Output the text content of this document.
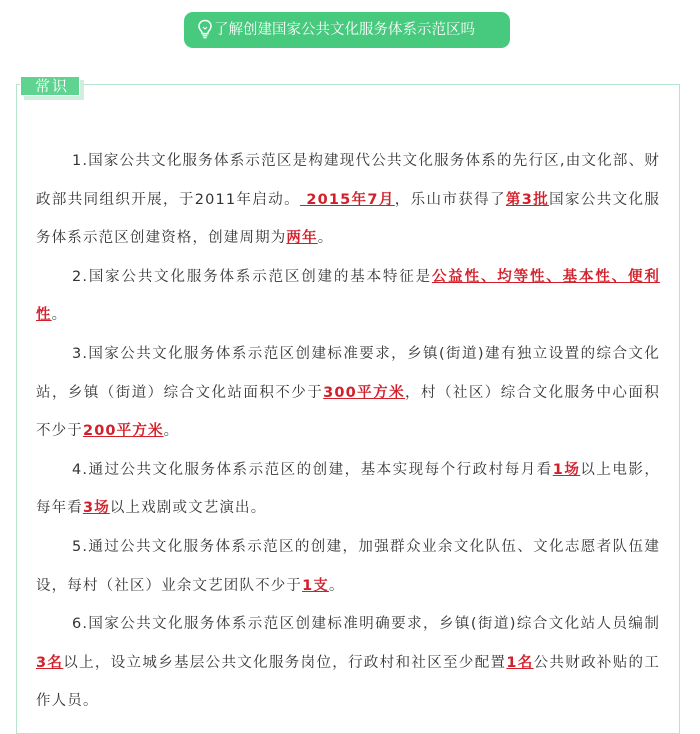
了解创建国家公共文化服务体系示范区吗
常识

1.国家公共文化服务体系示范区是构建现代公共文化服务体系的先行区,由文化部、财政部共同组织开展，于2011年启动。 2015年7月，乐山市获得了第3批国家公共文化服务体系示范区创建资格，创建周期为两年。

2.国家公共文化服务体系示范区创建的基本特征是公益性、均等性、基本性、便利性。

3.国家公共文化服务体系示范区创建标准要求，乡镇(街道)建有独立设置的综合文化站，乡镇（街道）综合文化站面积不少于300平方米，村（社区）综合文化服务中心面积不少于200平方米。

4.通过公共文化服务体系示范区的创建，基本实现每个行政村每月看1场以上电影，每年看3场以上戏剧或文艺演出。

5.通过公共文化服务体系示范区的创建，加强群众业余文化队伍、文化志愿者队伍建设，每村（社区）业余文艺团队不少于1支。

6.国家公共文化服务体系示范区创建标准明确要求，乡镇(街道)综合文化站人员编制3名以上，设立城乡基层公共文化服务岗位，行政村和社区至少配置1名公共财政补贴的工作人员。
